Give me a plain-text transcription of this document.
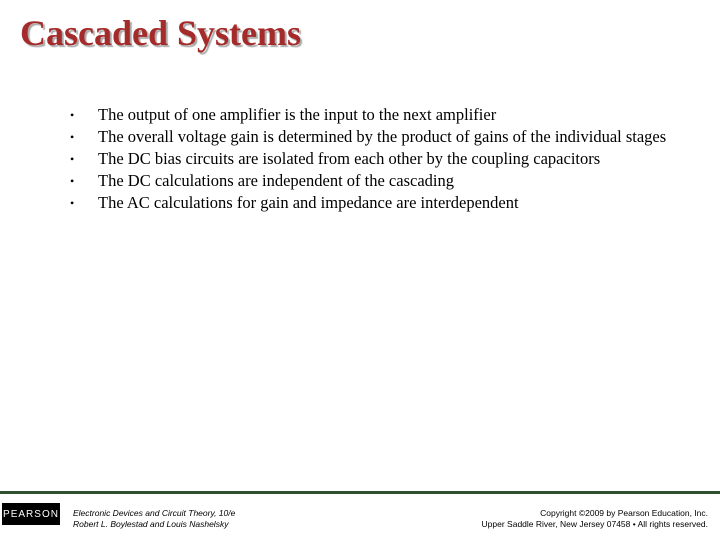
Cascaded Systems
• The output of one amplifier is the input to the next amplifier
• The overall voltage gain is determined by the product of gains of the individual stages
• The DC bias circuits are isolated from each other by the coupling capacitors
• The DC calculations are independent of the cascading
• The AC calculations for gain and impedance are interdependent
PEARSON Electronic Devices and Circuit Theory, 10/e
Robert L. Boylestad and Louis Nashelsky
Copyright ©2009 by Pearson Education, Inc.
Upper Saddle River, New Jersey 07458 • All rights reserved.
